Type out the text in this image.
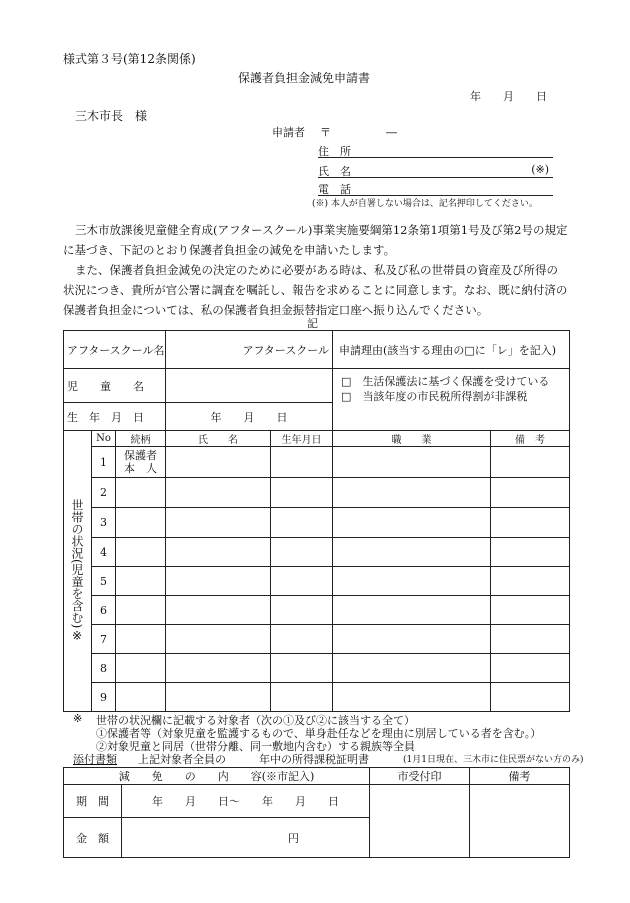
様式第３号(第12条関係)
保護者負担金減免申請書
年　　月　　日
三木市長　様
申請者 〒　　　　　―
住　所
氏　名	(※)
電　話
(※) 本人が自署しない場合は、記名押印してください。
三木市放課後児童健全育成(アフタースクール)事業実施要綱第12条第1項第1号及び第2号の規定に基づき、下記のとおり保護者負担金の減免を申請いたします。
また、保護者負担金減免の決定のために必要がある時は、私及び私の世帯員の資産及び所得の状況につき、貴所が官公署に調査を嘱託し、報告を求めることに同意します。なお、既に納付済の保護者負担金については、私の保護者負担金振替指定口座へ振り込んでください。
記
アフタースクール名			アフタースクール		申請理由(該当する理由の□に「レ」を記入)	
児　　童　　名					□　 生活保護法に基づく保護を受けている
□　 当該年度の市民税所得割が非課税	

生　年　月　日			年　　月　　日			

世帯の状況(児童を含む)※	No	続柄	氏　　名	生年月日	職　　業	備　考
	1	保護者
本　人				
	2					
	3					
	4					
	5					
	6					
	7					
	8					
	9					
※ 世帯の状況欄に記載する対象者（次の①及び②に該当する全て）
①保護者等（対象児童を監護するもので、単身赴任などを理由に別居している者を含む。）
②対象児童と同居（世帯分離、同一敷地内含む）する親族等全員
添付書類 上記対象者全員の　　　年中の所得課税証明書	(1月1日現在、三木市に住民票がない方のみ)
減　　免　　の　　内　　容(※市記入)		市受付印	備考
期　間	年　　月　　日～　　年　　月　　日		
金　額	円		
